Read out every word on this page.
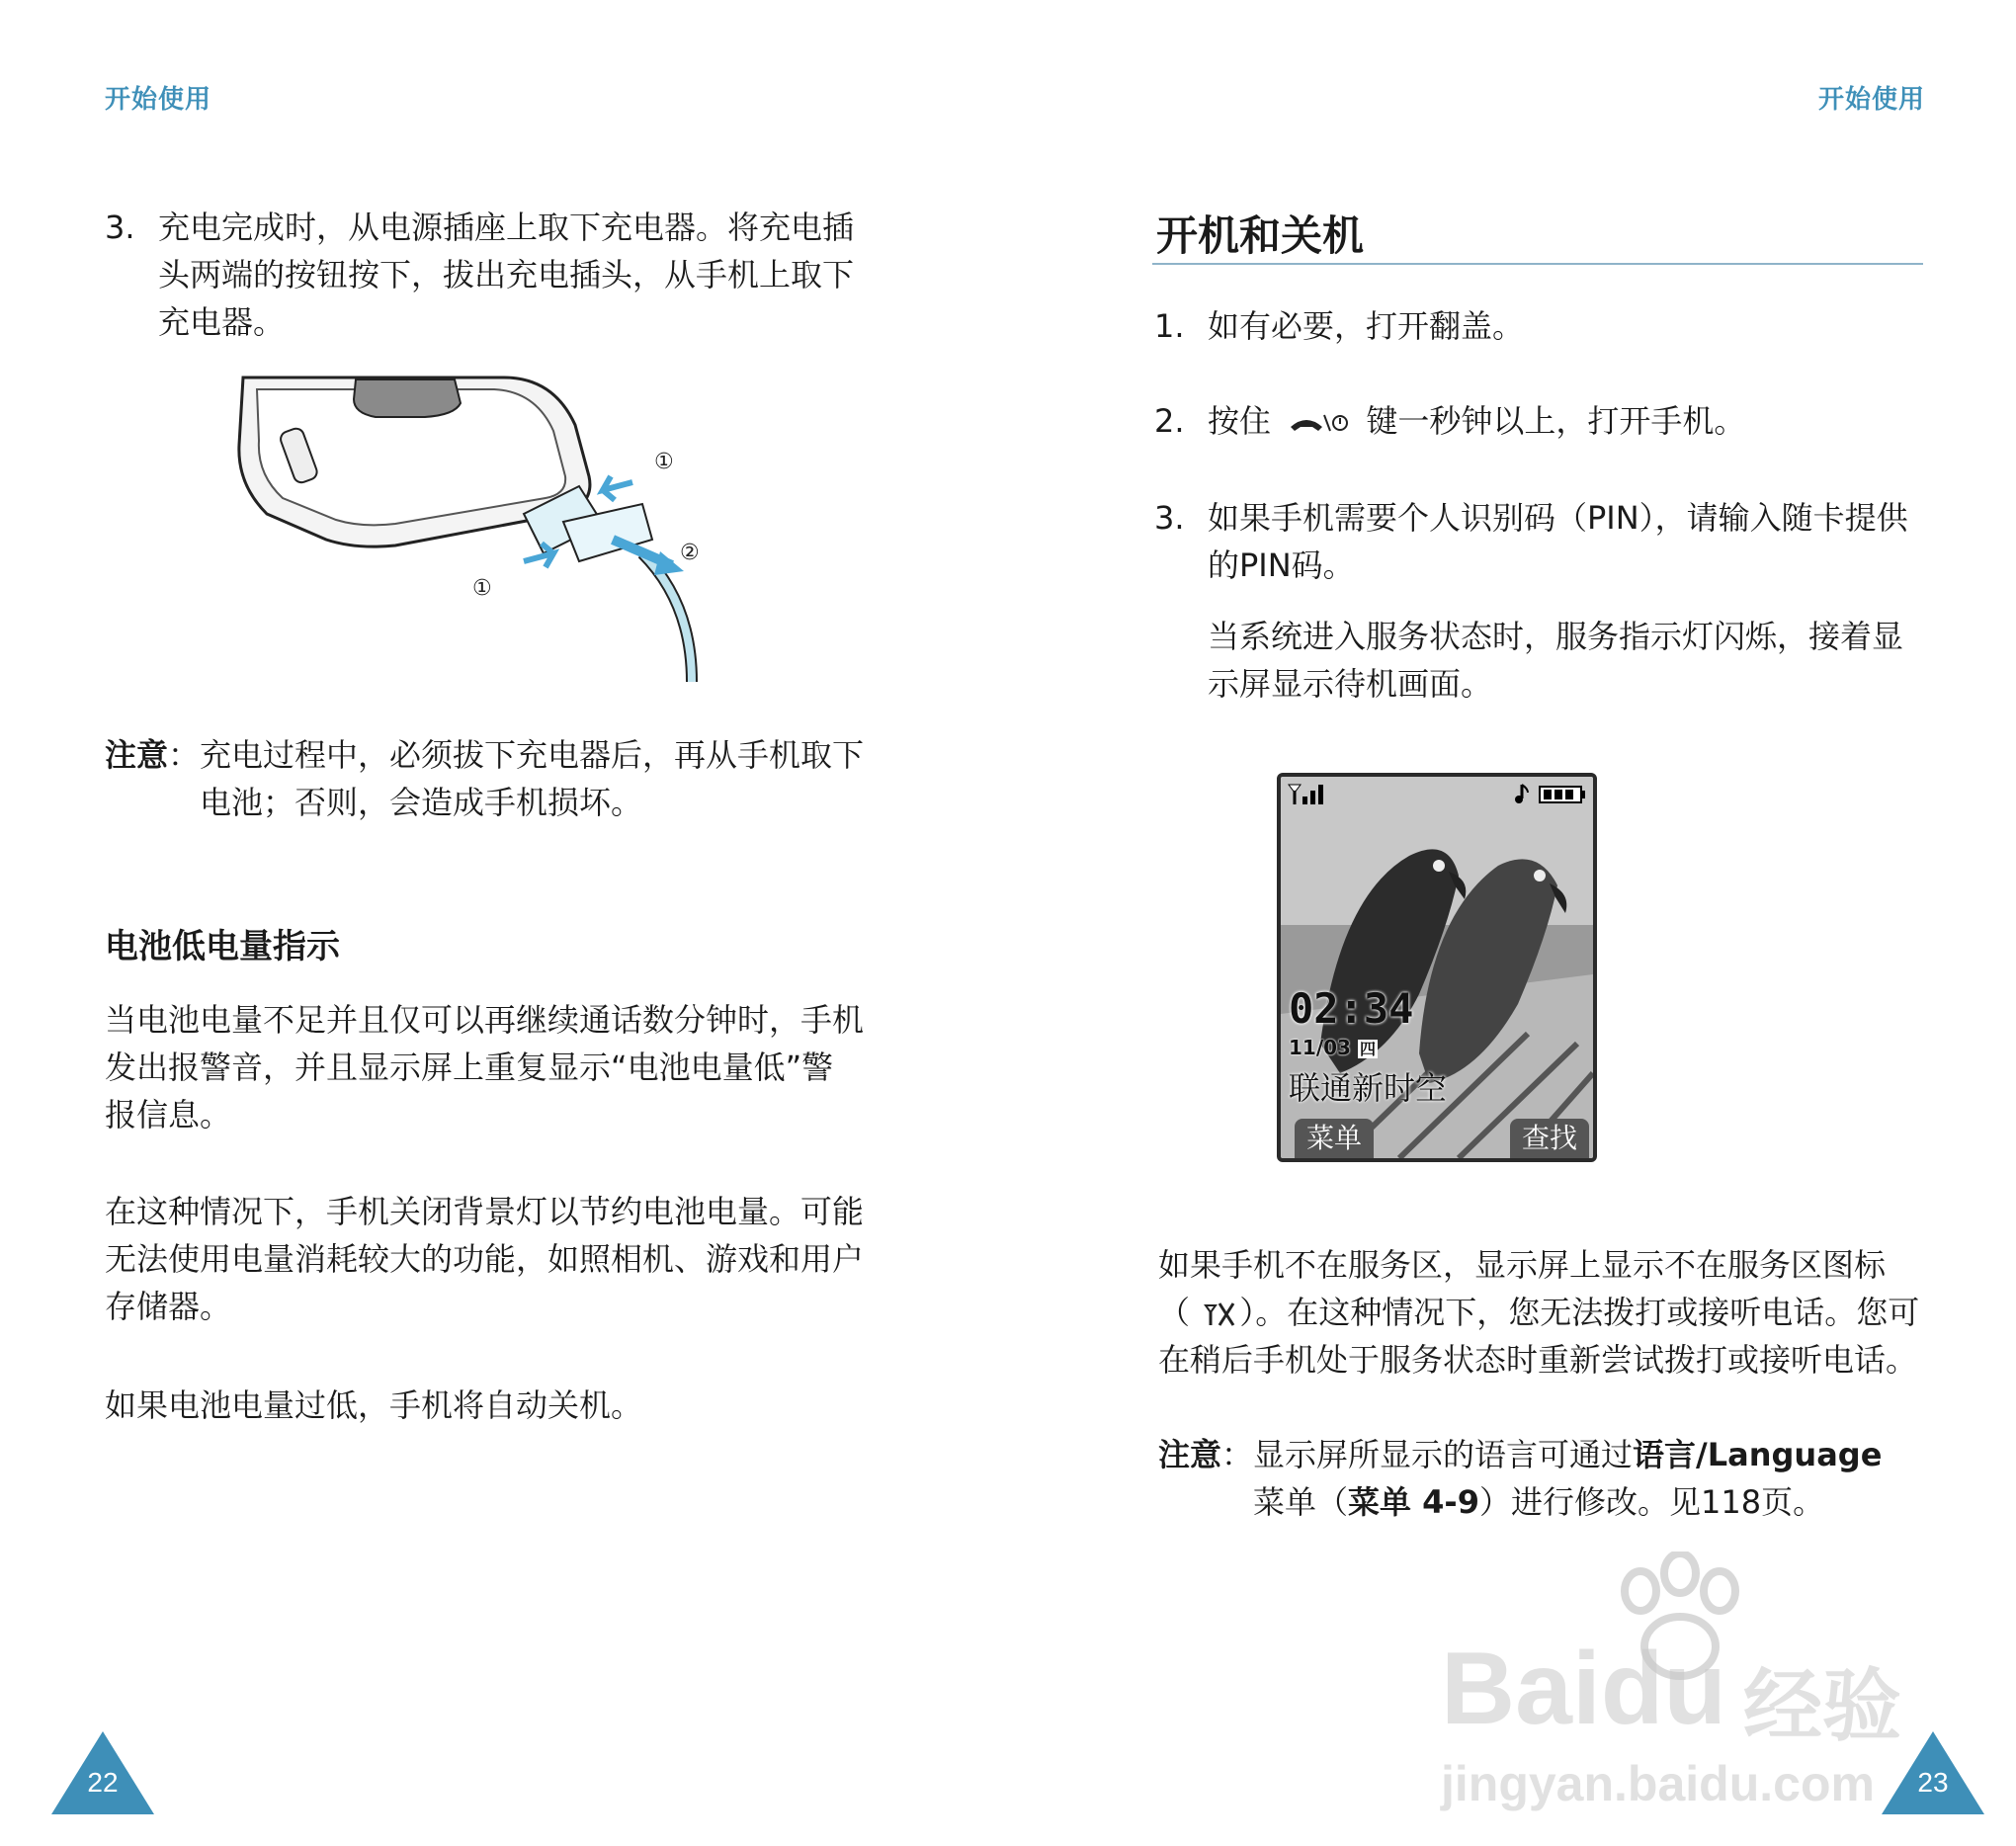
开始使用
3. 充电完成时，从电源插座上取下充电器。将充电插
头两端的按钮按下，拔出充电插头，从手机上取下
充电器。
①
②
①
注意：充电过程中，必须拔下充电器后，再从手机取下
电池；否则，会造成手机损坏。
电池低电量指示
当电池电量不足并且仅可以再继续通话数分钟时，手机
发出报警音，并且显示屏上重复显示“电池电量低”警
报信息。
在这种情况下，手机关闭背景灯以节约电池电量。可能
无法使用电量消耗较大的功能，如照相机、游戏和用户
存储器。
如果电池电量过低，手机将自动关机。
22
开始使用
开机和关机
1. 如有必要，打开翻盖。
2. 按住	键一秒钟以上，打开手机。
3. 如果手机需要个人识别码（PIN），请输入随卡提供
的PIN码。
当系统进入服务状态时，服务指示灯闪烁，接着显
示屏显示待机画面。
02:34
11/03 四
联通新时空
菜单	查找
如果手机不在服务区，显示屏上显示不在服务区图标
（ ）。在这种情况下，您无法拨打或接听电话。您可
在稍后手机处于服务状态时重新尝试拨打或接听电话。
注意：显示屏所显示的语言可通过语言/Language
菜单（菜单 4-9）进行修改。见118页。
Baidu 经验
jingyan.baidu.com	23
